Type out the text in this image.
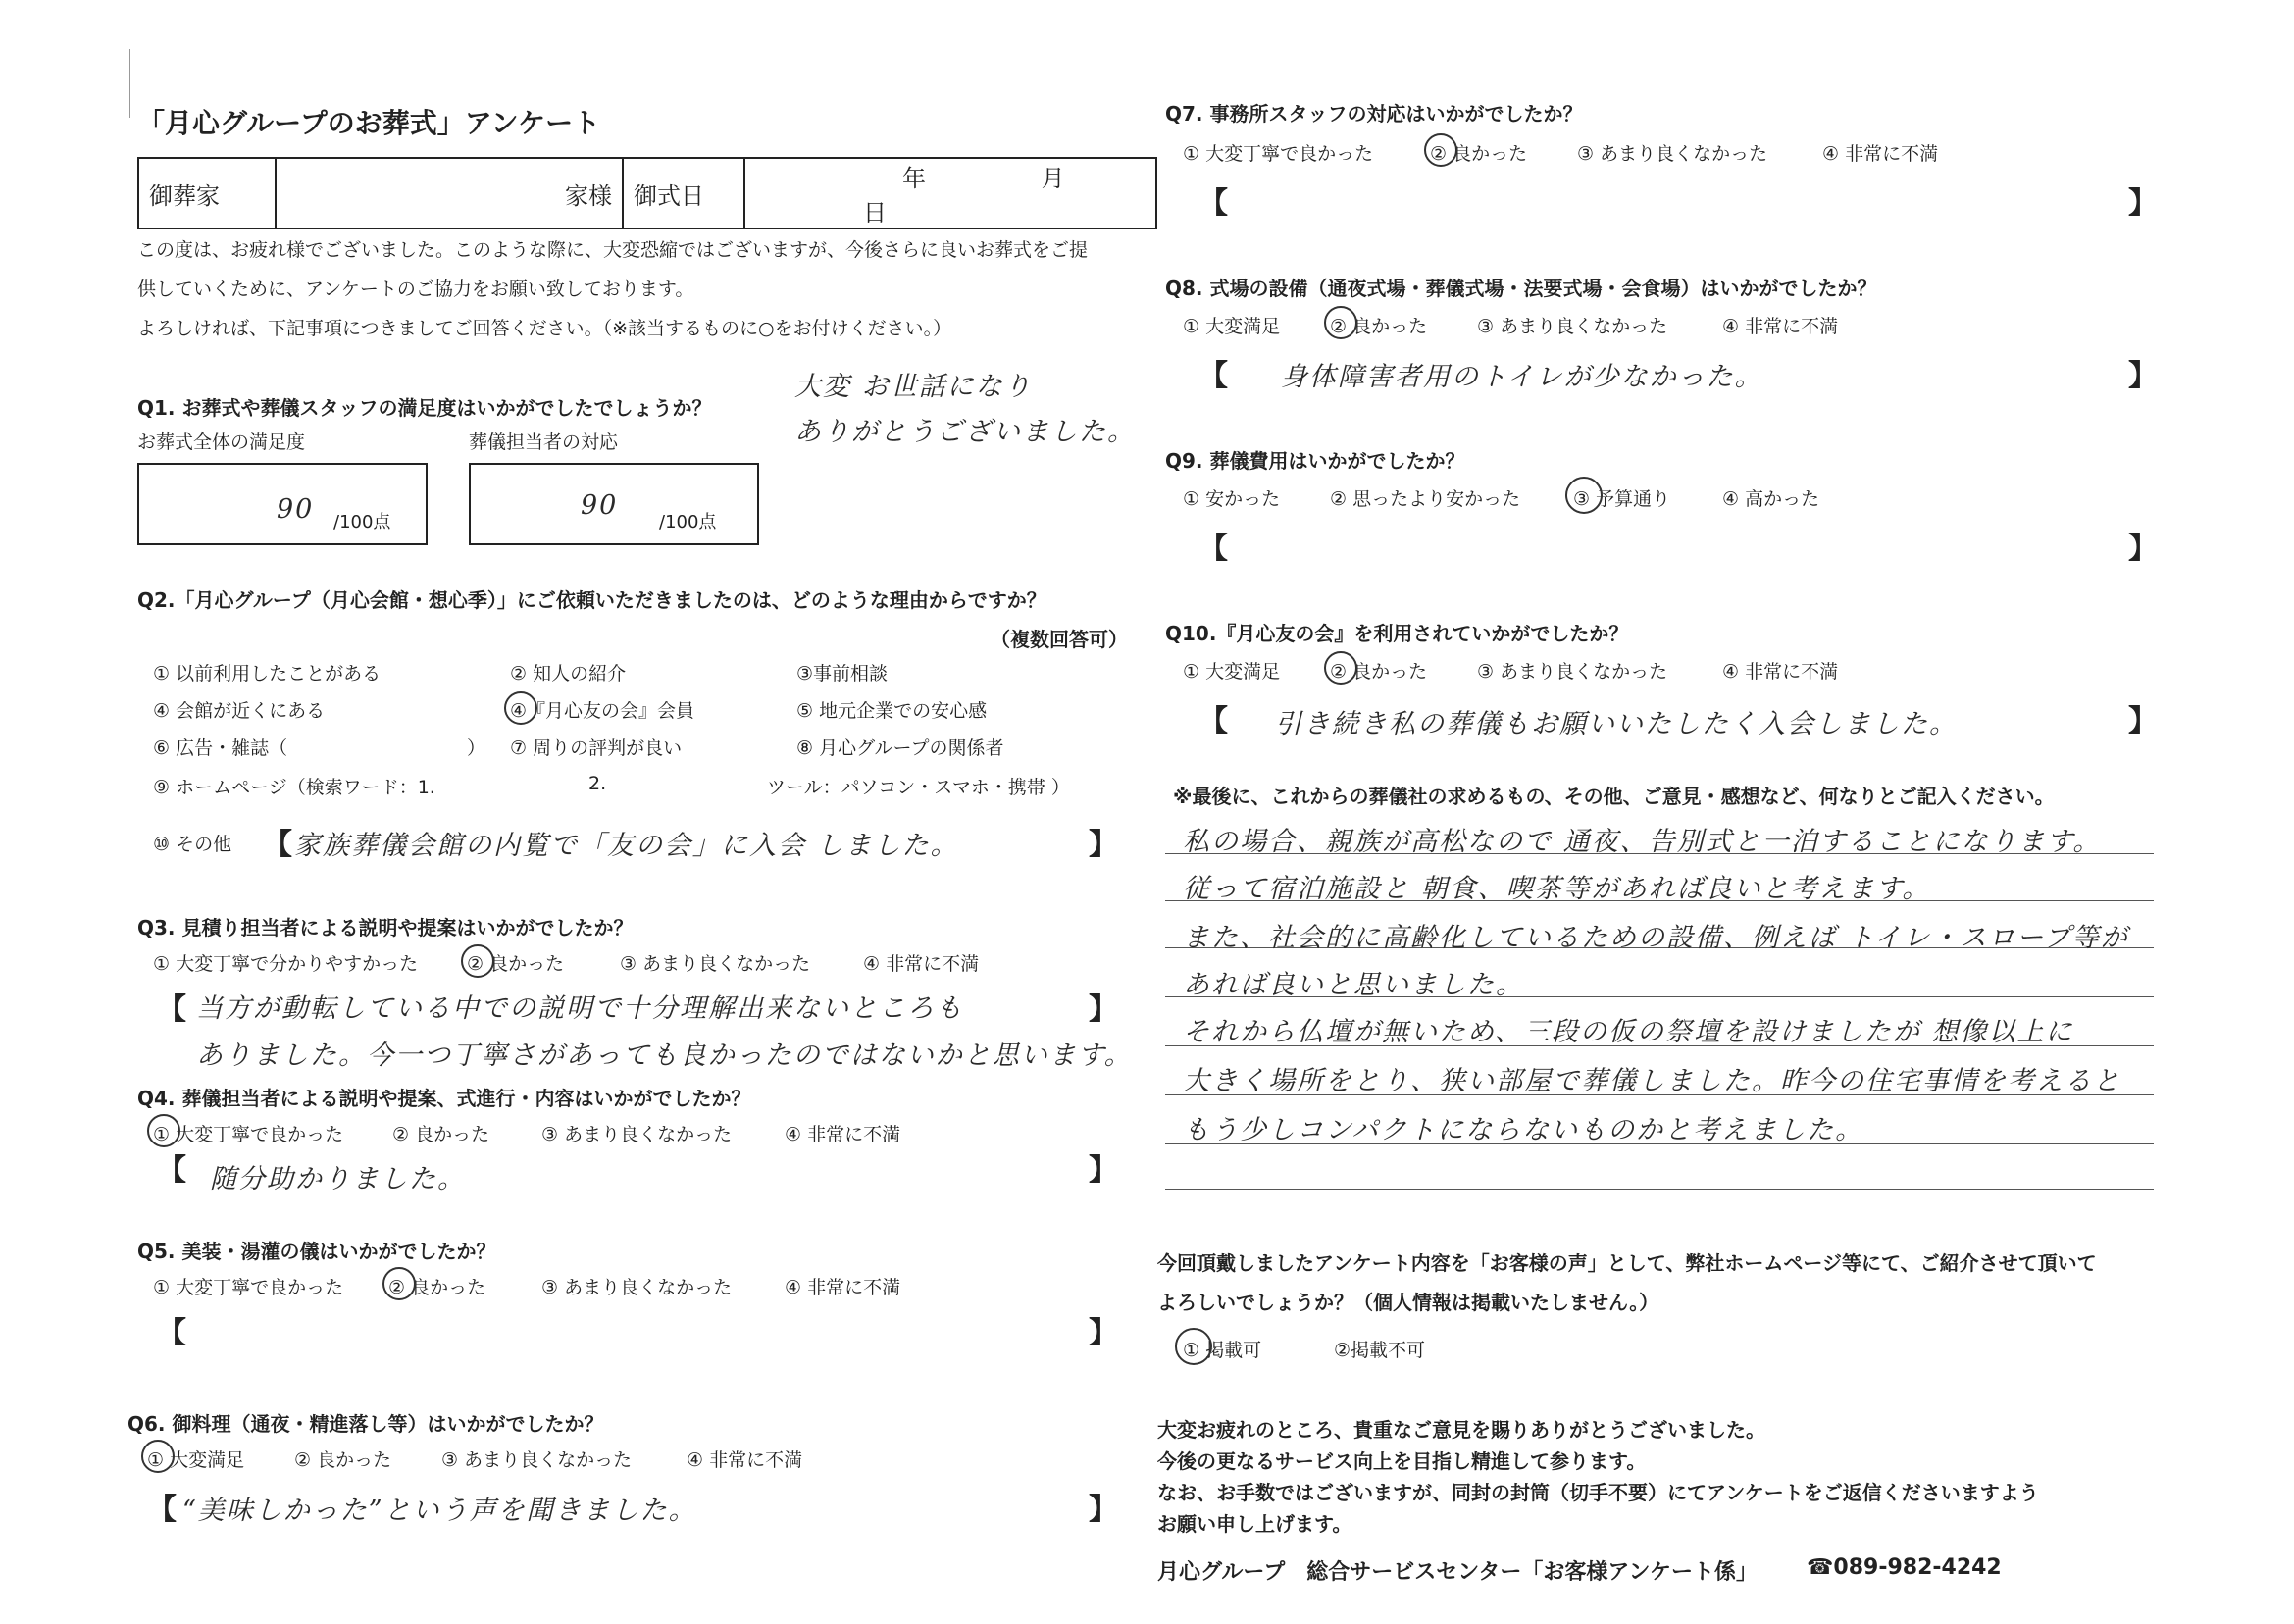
「月心グループのお葬式」アンケート
御葬家	家様	御式日	年	月 日
この度は、お疲れ様でございました。このような際に、大変恐縮ではございますが、今後さらに良いお葬式をご提
供していくために、アンケートのご協力をお願い致しております。
よろしければ、下記事項につきましてご回答ください。（※該当するものに○をお付けください。）
Q1. お葬式や葬儀スタッフの満足度はいかがでしたでしょうか？
お葬式全体の満足度	葬儀担当者の対応
90 /100点
90
/100点
大変 お世話になり
ありがとうございました。
Q2.「月心グループ（月心会館・想心季）」にご依頼いただきましたのは、どのような理由からですか？
（複数回答可）
① 以前利用したことがある	② 知人の紹介	③事前相談
④ 会館が近くにある	④『月心友の会』会員	⑤ 地元企業での安心感
⑥ 広告・雑誌（	） ⑦ 周りの評判が良い	⑧ 月心グループの関係者
⑨ ホームページ（検索ワード：1.	2.	ツール：パソコン・スマホ・携帯 ）
⑩ その他 【 家族葬儀会館の内覧で「友の会」に入会 しました。	】
Q3. 見積り担当者による説明や提案はいかがでしたか？
① 大変丁寧で分かりやすかった	② 良かった	③ あまり良くなかった	④ 非常に不満
【 当方が動転している中での説明で十分理解出来ないところも
ありました。今一つ丁寧さがあっても良かったのではないかと思います。
】
Q4. 葬儀担当者による説明や提案、式進行・内容はいかがでしたか？
① 大変丁寧で良かった	② 良かった	③ あまり良くなかった	④ 非常に不満
【 随分助かりました。	】
Q5. 美装・湯灌の儀はいかがでしたか？
① 大変丁寧で良かった ② 良かった	③ あまり良くなかった	④ 非常に不満
【	】
Q6. 御料理（通夜・精進落し等）はいかがでしたか？
① 大変満足	② 良かった	③ あまり良くなかった	④ 非常に不満
【 “美味しかった”という声を聞きました。	】
Q7. 事務所スタッフの対応はいかがでしたか？
① 大変丁寧で良かった	② 良かった	③ あまり良くなかった	④ 非常に不満
【	】
Q8. 式場の設備（通夜式場・葬儀式場・法要式場・会食場）はいかがでしたか？
① 大変満足	② 良かった	③ あまり良くなかった	④ 非常に不満
【 身体障害者用のトイレが少なかった。	】
Q9. 葬儀費用はいかがでしたか？
① 安かった	② 思ったより安かった	③ 予算通り	④ 高かった
【	】
Q10.『月心友の会』を利用されていかがでしたか？
① 大変満足	② 良かった	③ あまり良くなかった	④ 非常に不満
【 引き続き私の葬儀もお願いいたしたく入会しました。	】
※最後に、これからの葬儀社の求めるもの、その他、ご意見・感想など、何なりとご記入ください。
私の場合、親族が高松なので 通夜、告別式と一泊することになります。
従って宿泊施設と 朝食、喫茶等があれば良いと考えます。
また、社会的に高齢化しているための設備、例えば トイレ・スロープ等が
あれば良いと思いました。
それから仏壇が無いため、三段の仮の祭壇を設けましたが 想像以上に
大きく場所をとり、狭い部屋で葬儀しました。昨今の住宅事情を考えると
もう少しコンパクトにならないものかと考えました。
今回頂戴しましたアンケート内容を「お客様の声」として、弊社ホームページ等にて、ご紹介させて頂いて
よろしいでしょうか？（個人情報は掲載いたしません。）
① 掲載可	②掲載不可
大変お疲れのところ、貴重なご意見を賜りありがとうございました。
今後の更なるサービス向上を目指し精進して参ります。
なお、お手数ではございますが、同封の封筒（切手不要）にてアンケートをご返信くださいますよう
お願い申し上げます。
月心グループ　総合サービスセンター「お客様アンケート係」 ☎089-982-4242
